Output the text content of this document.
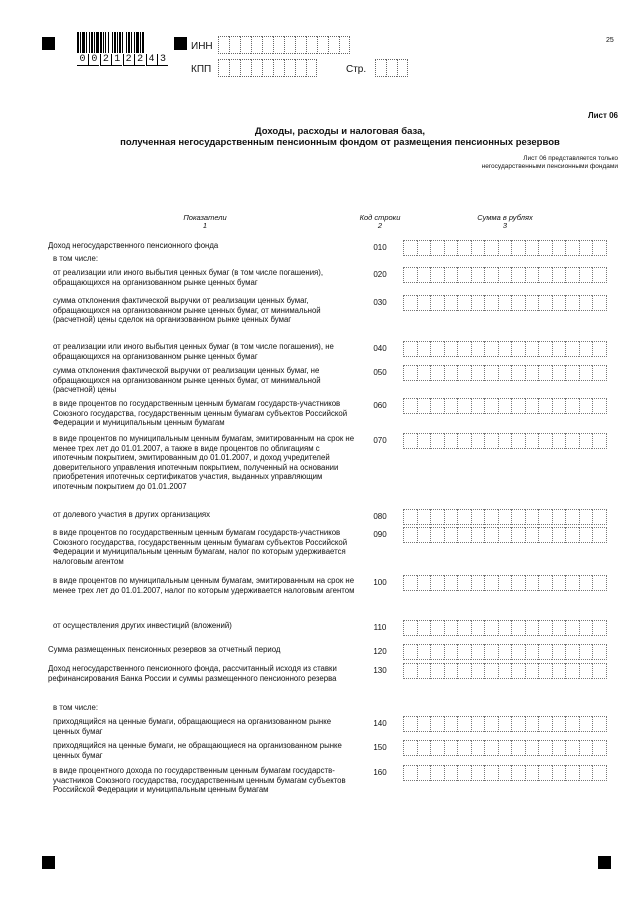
0 0 2 1 2 2 4 3
ИНН
КПП	Стр.
25
Лист 06
Доходы, расходы и налоговая база,
полученная негосударственным пенсионным фондом от размещения пенсионных резервов
Лист 06 представляется только
негосударственными пенсионными фондами
Показатели
1
Код строки
2
Сумма в рублях
3
Доход негосударственного пенсионного фонда	010
в том числе:
от реализации или иного выбытия ценных бумаг (в том числе погашения), обращающихся на организованном рынке ценных бумаг
020
сумма отклонения фактической выручки от реализации ценных бумаг, обращающихся на организованном рынке ценных бумаг, от минимальной (расчетной) цены сделок на организованном рынке ценных бумаг
030
от реализации или иного выбытия ценных бумаг (в том числе погашения), не обращающихся на организованном рынке ценных бумаг
040
сумма отклонения фактической выручки от реализации ценных бумаг, не обращающихся на организованном рынке ценных бумаг, от минимальной (расчетной) цены
050
в виде процентов по государственным ценным бумагам государств-участников Союзного государства, государственным ценным бумагам субъектов Российской Федерации и муниципальным ценным бумагам
060
в виде процентов по муниципальным ценным бумагам, эмитированным на срок не менее трех лет до 01.01.2007, а также в виде процентов по облигациям с ипотечным покрытием, эмитированным до 01.01.2007, и доход учредителей доверительного управления ипотечным покрытием, полученный на основании приобретения ипотечных сертификатов участия, выданных управляющим ипотечным покрытием до 01.01.2007
070
от долевого участия в других организациях	080
в виде процентов по государственным ценным бумагам государств-участников Союзного государства, государственным ценным бумагам субъектов Российской Федерации и муниципальным ценным бумагам, налог по которым удерживается налоговым агентом
090
в виде процентов по муниципальным ценным бумагам, эмитированным на срок не менее трех лет до 01.01.2007, налог по которым удерживается налоговым агентом
100
от осуществления других инвестиций (вложений)	110
Сумма размещенных пенсионных резервов за отчетный период	120
Доход негосударственного пенсионного фонда, рассчитанный исходя из ставки рефинансирования Банка России и суммы размещенного пенсионного резерва
130
в том числе:
приходящийся на ценные бумаги, обращающиеся на организованном рынке ценных бумаг
140
приходящийся на ценные бумаги, не обращающиеся на организованном рынке ценных бумаг
150
в виде процентного дохода по государственным ценным бумагам государств-участников Союзного государства, государственным ценным бумагам субъектов Российской Федерации и муниципальным ценным бумагам
160
